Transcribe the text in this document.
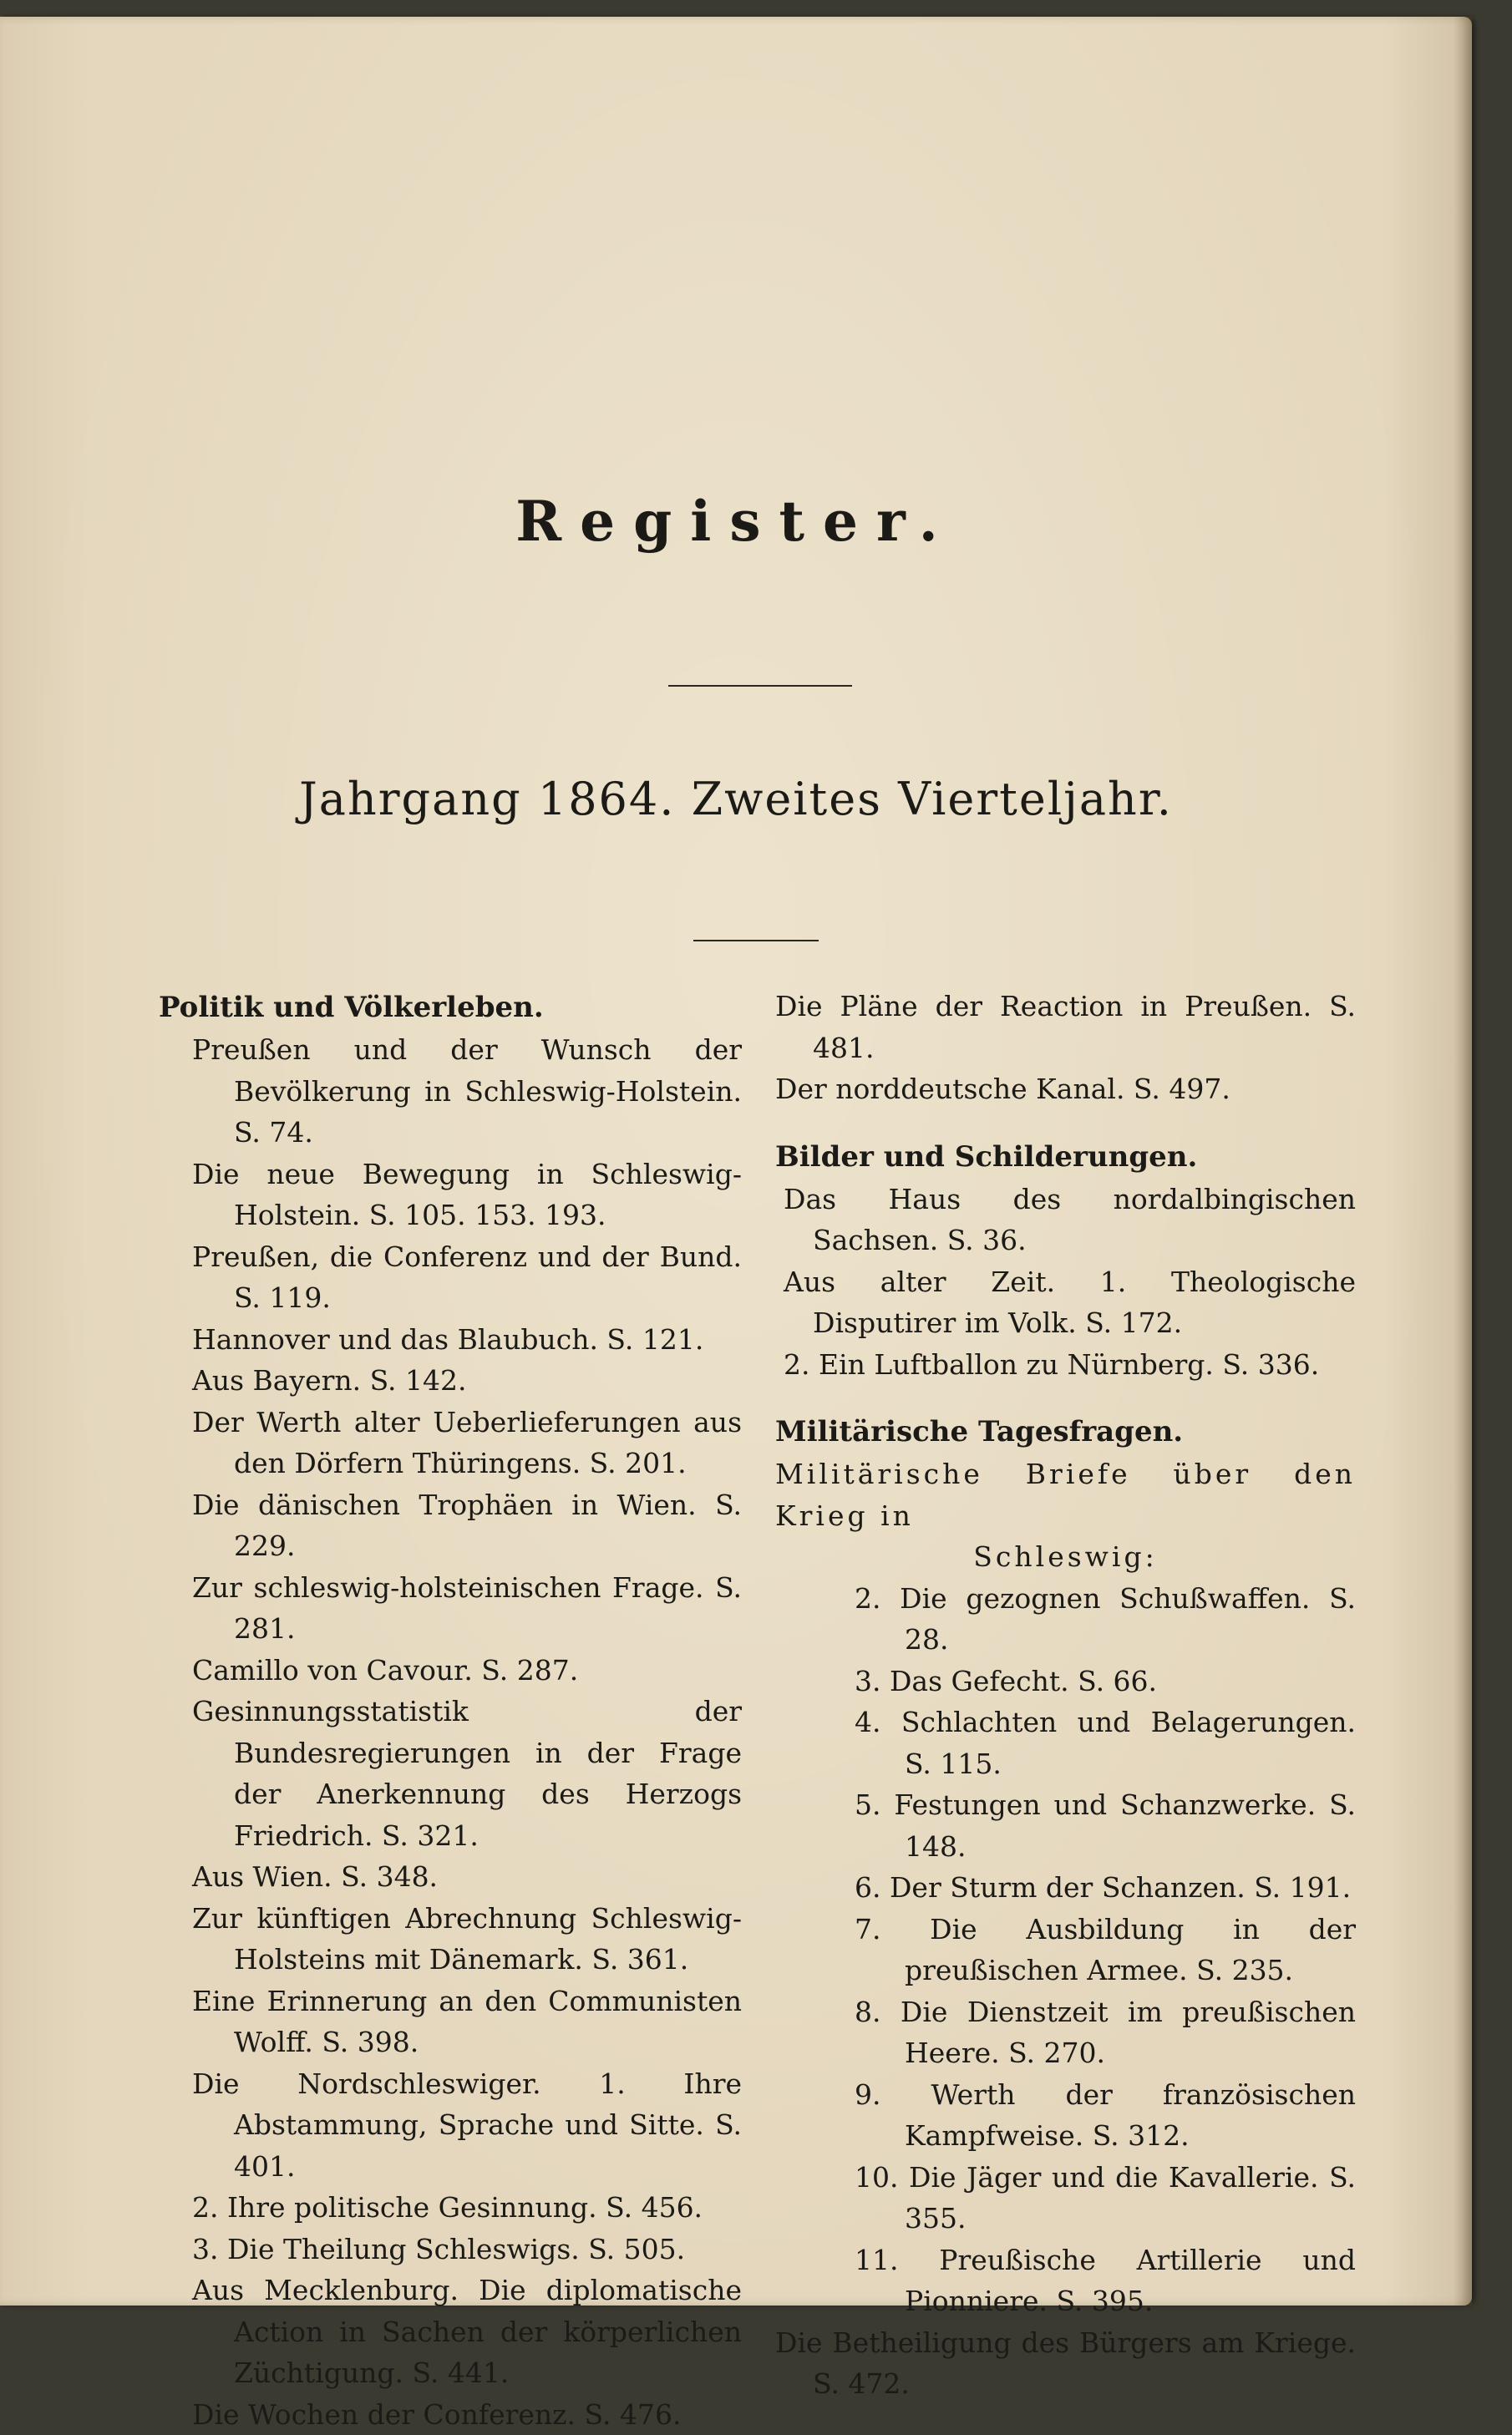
Register.
Jahrgang 1864. Zweites Vierteljahr.
Politik und Völkerleben.
Preußen und der Wunsch der Bevölkerung in Schleswig-Holstein. S. 74.
Die neue Bewegung in Schleswig-Holstein. S. 105. 153. 193.
Preußen, die Conferenz und der Bund. S. 119.
Hannover und das Blaubuch. S. 121.
Aus Bayern. S. 142.
Der Werth alter Ueberlieferungen aus den Dörfern Thüringens. S. 201.
Die dänischen Trophäen in Wien. S. 229.
Zur schleswig-holsteinischen Frage. S. 281.
Camillo von Cavour. S. 287.
Gesinnungsstatistik der Bundesregierungen in der Frage der Anerkennung des Herzogs Friedrich. S. 321.
Aus Wien. S. 348.
Zur künftigen Abrechnung Schleswig-Holsteins mit Dänemark. S. 361.
Eine Erinnerung an den Communisten Wolff. S. 398.
Die Nordschleswiger. 1. Ihre Abstammung, Sprache und Sitte. S. 401.
2. Ihre politische Gesinnung. S. 456.
3. Die Theilung Schleswigs. S. 505.
Aus Mecklenburg. Die diplomatische Action in Sachen der körperlichen Züchtigung. S. 441.
Die Wochen der Conferenz. S. 476.
Die Pläne der Reaction in Preußen. S. 481.
Der norddeutsche Kanal. S. 497.
Bilder und Schilderungen.
Das Haus des nordalbingischen Sachsen. S. 36.
Aus alter Zeit. 1. Theologische Disputirer im Volk. S. 172.
2. Ein Luftballon zu Nürnberg. S. 336.
Militärische Tagesfragen.
Militärische Briefe über den Krieg in
Schleswig:
2. Die gezognen Schußwaffen. S. 28.
3. Das Gefecht. S. 66.
4. Schlachten und Belagerungen. S. 115.
5. Festungen und Schanzwerke. S. 148.
6. Der Sturm der Schanzen. S. 191.
7. Die Ausbildung in der preußischen Armee. S. 235.
8. Die Dienstzeit im preußischen Heere. S. 270.
9. Werth der französischen Kampfweise. S. 312.
10. Die Jäger und die Kavallerie. S. 355.
11. Preußische Artillerie und Pionniere. S. 395.
Die Betheiligung des Bürgers am Kriege. S. 472.
